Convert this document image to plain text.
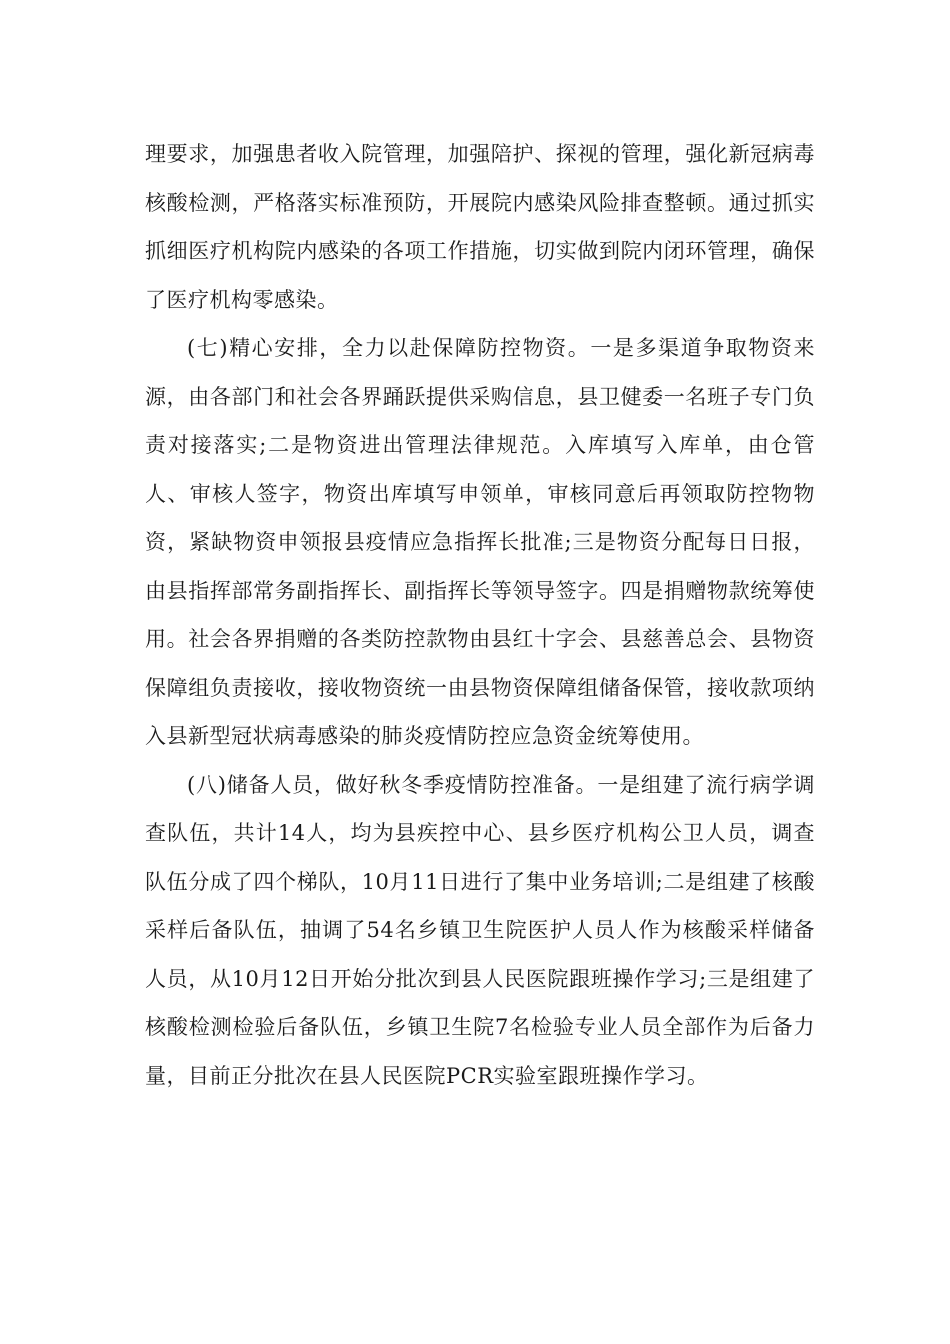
理要求，加强患者收入院管理，加强陪护、探视的管理，强化新冠病毒核酸检测，严格落实标准预防，开展院内感染风险排查整顿。通过抓实抓细医疗机构院内感染的各项工作措施，切实做到院内闭环管理，确保了医疗机构零感染。

(七)精心安排，全力以赴保障防控物资。一是多渠道争取物资来源，由各部门和社会各界踊跃提供采购信息，县卫健委一名班子专门负责对接落实;二是物资进出管理法律规范。入库填写入库单，由仓管人、审核人签字，物资出库填写申领单，审核同意后再领取防控物物资，紧缺物资申领报县疫情应急指挥长批准;三是物资分配每日日报，由县指挥部常务副指挥长、副指挥长等领导签字。四是捐赠物款统筹使用。社会各界捐赠的各类防控款物由县红十字会、县慈善总会、县物资保障组负责接收，接收物资统一由县物资保障组储备保管，接收款项纳入县新型冠状病毒感染的肺炎疫情防控应急资金统筹使用。

(八)储备人员，做好秋冬季疫情防控准备。一是组建了流行病学调查队伍，共计14人，均为县疾控中心、县乡医疗机构公卫人员，调查队伍分成了四个梯队，10月11日进行了集中业务培训;二是组建了核酸采样后备队伍，抽调了54名乡镇卫生院医护人员人作为核酸采样储备人员，从10月12日开始分批次到县人民医院跟班操作学习;三是组建了核酸检测检验后备队伍，乡镇卫生院7名检验专业人员全部作为后备力量，目前正分批次在县人民医院PCR实验室跟班操作学习。
